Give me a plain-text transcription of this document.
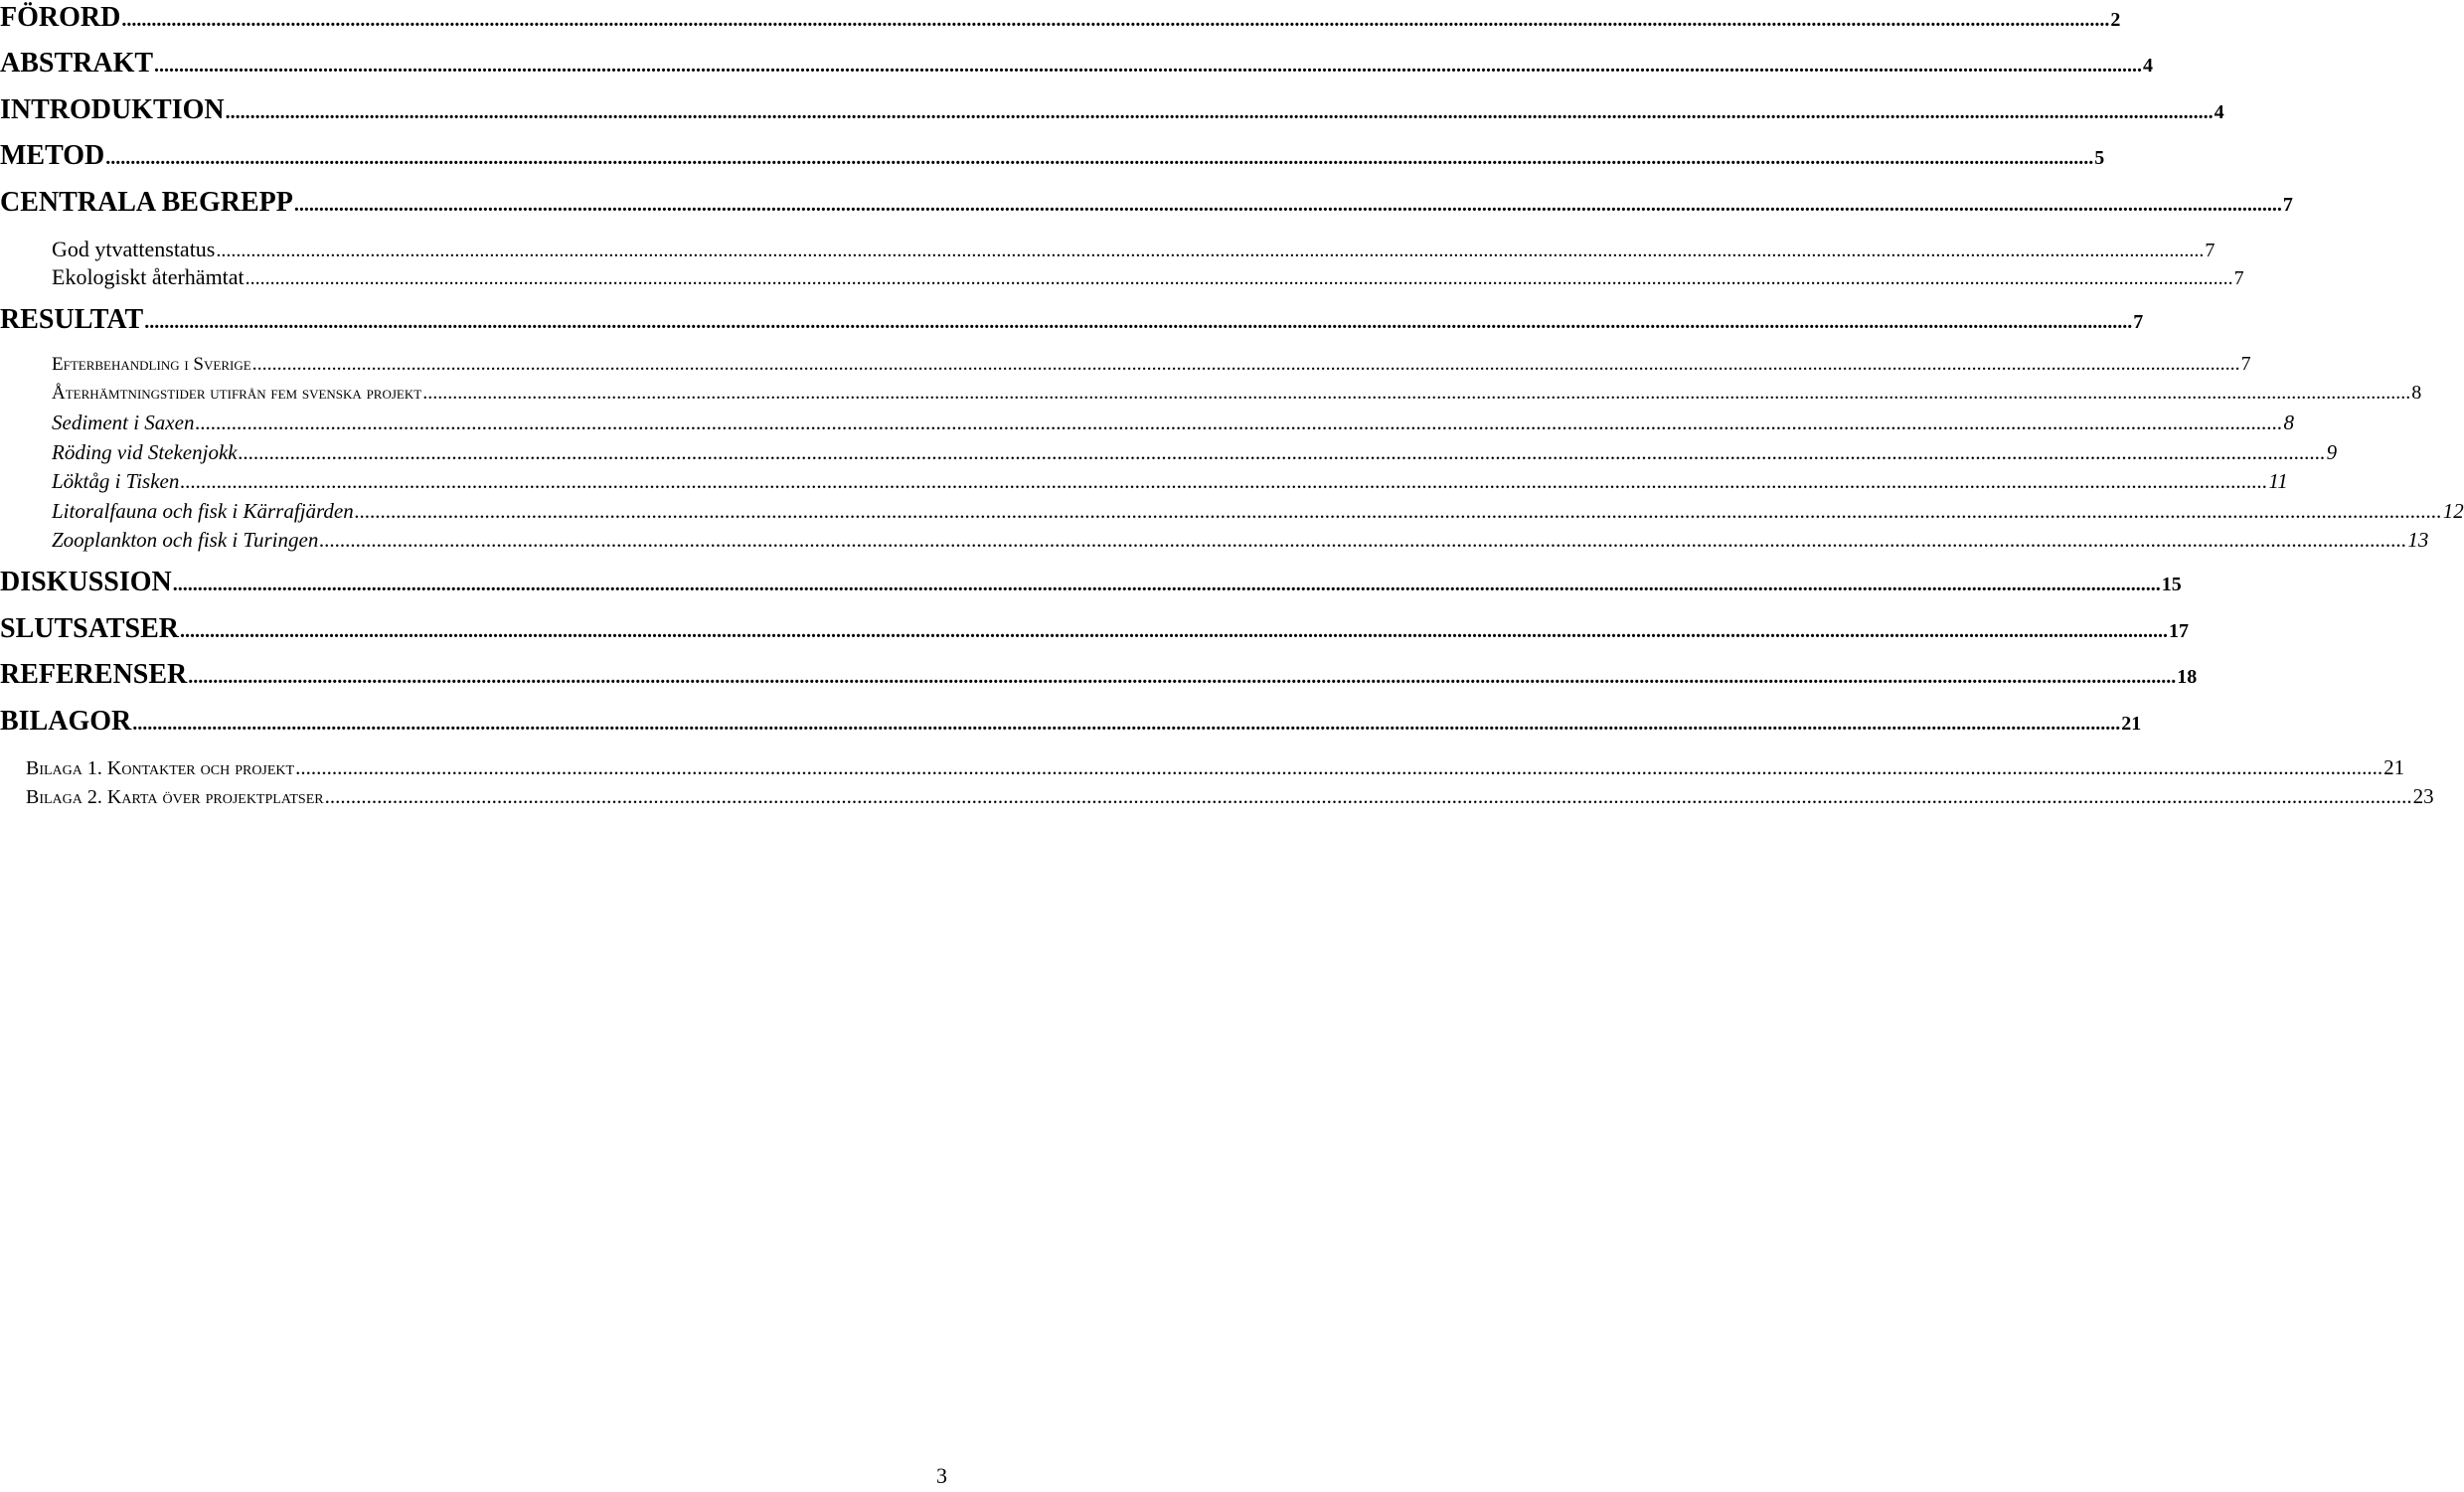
FÖRORD ................................................................................................................................................................................................................................................................................................................................................................................................................ 2
ABSTRAKT ................................................................................................................................................................................................................................................................................................................................................................................................................ 4
INTRODUKTION ................................................................................................................................................................................................................................................................................................................................................................................................................ 4
METOD ................................................................................................................................................................................................................................................................................................................................................................................................................ 5
CENTRALA BEGREPP ................................................................................................................................................................................................................................................................................................................................................................................................................ 7
God ytvattenstatus ................................................................................................................................................................................................................................................................................................................................................................................................................ 7
Ekologiskt återhämtat ................................................................................................................................................................................................................................................................................................................................................................................................................ 7
RESULTAT ................................................................................................................................................................................................................................................................................................................................................................................................................ 7
Efterbehandling i Sverige ................................................................................................................................................................................................................................................................................................................................................................................................................ 7
Återhämtningstider utifrån fem svenska projekt ................................................................................................................................................................................................................................................................................................................................................................................................................ 8
Sediment i Saxen ................................................................................................................................................................................................................................................................................................................................................................................................................ 8
Röding vid Stekenjokk ................................................................................................................................................................................................................................................................................................................................................................................................................ 9
Löktåg i Tisken ................................................................................................................................................................................................................................................................................................................................................................................................................ 11
Litoralfauna och fisk i Kärrafjärden ................................................................................................................................................................................................................................................................................................................................................................................................................ 12
Zooplankton och fisk i Turingen ................................................................................................................................................................................................................................................................................................................................................................................................................ 13
DISKUSSION ................................................................................................................................................................................................................................................................................................................................................................................................................ 15
SLUTSATSER ................................................................................................................................................................................................................................................................................................................................................................................................................ 17
REFERENSER ................................................................................................................................................................................................................................................................................................................................................................................................................ 18
BILAGOR ................................................................................................................................................................................................................................................................................................................................................................................................................ 21
Bilaga 1. Kontakter och projekt ................................................................................................................................................................................................................................................................................................................................................................................................................ 21
Bilaga 2. Karta över projektplatser ................................................................................................................................................................................................................................................................................................................................................................................................................ 23
3
